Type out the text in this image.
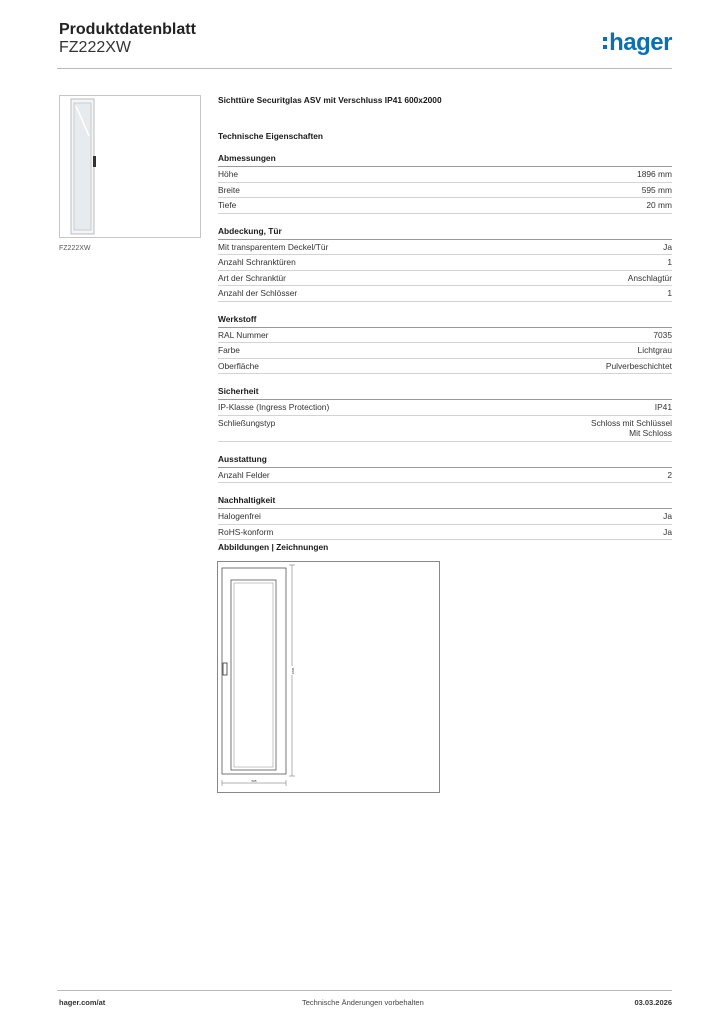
Produktdatenblatt
FZ222XW	hager
FZ222XW
Sichttüre Securitglas ASV mit Verschluss IP41 600x2000
Technische Eigenschaften
Abmessungen
Höhe	1896 mm
Breite	595 mm
Tiefe	20 mm
Abdeckung, Tür
Mit transparentem Deckel/Tür	Ja
Anzahl Schranktüren	1
Art der Schranktür	Anschlagtür
Anzahl der Schlösser	1
Werkstoff
RAL Nummer	7035
Farbe	Lichtgrau
Oberfläche	Pulverbeschichtet
Sicherheit
IP-Klasse (Ingress Protection)	IP41
Schließungstyp	Schloss mit Schlüssel
Mit Schloss
Ausstattung
Anzahl Felder	2
Nachhaltigkeit
Halogenfrei	Ja
RoHS-konform	Ja
Abbildungen | Zeichnungen
1896
595
hager.com/at	Technische Änderungen vorbehalten	03.03.2026
